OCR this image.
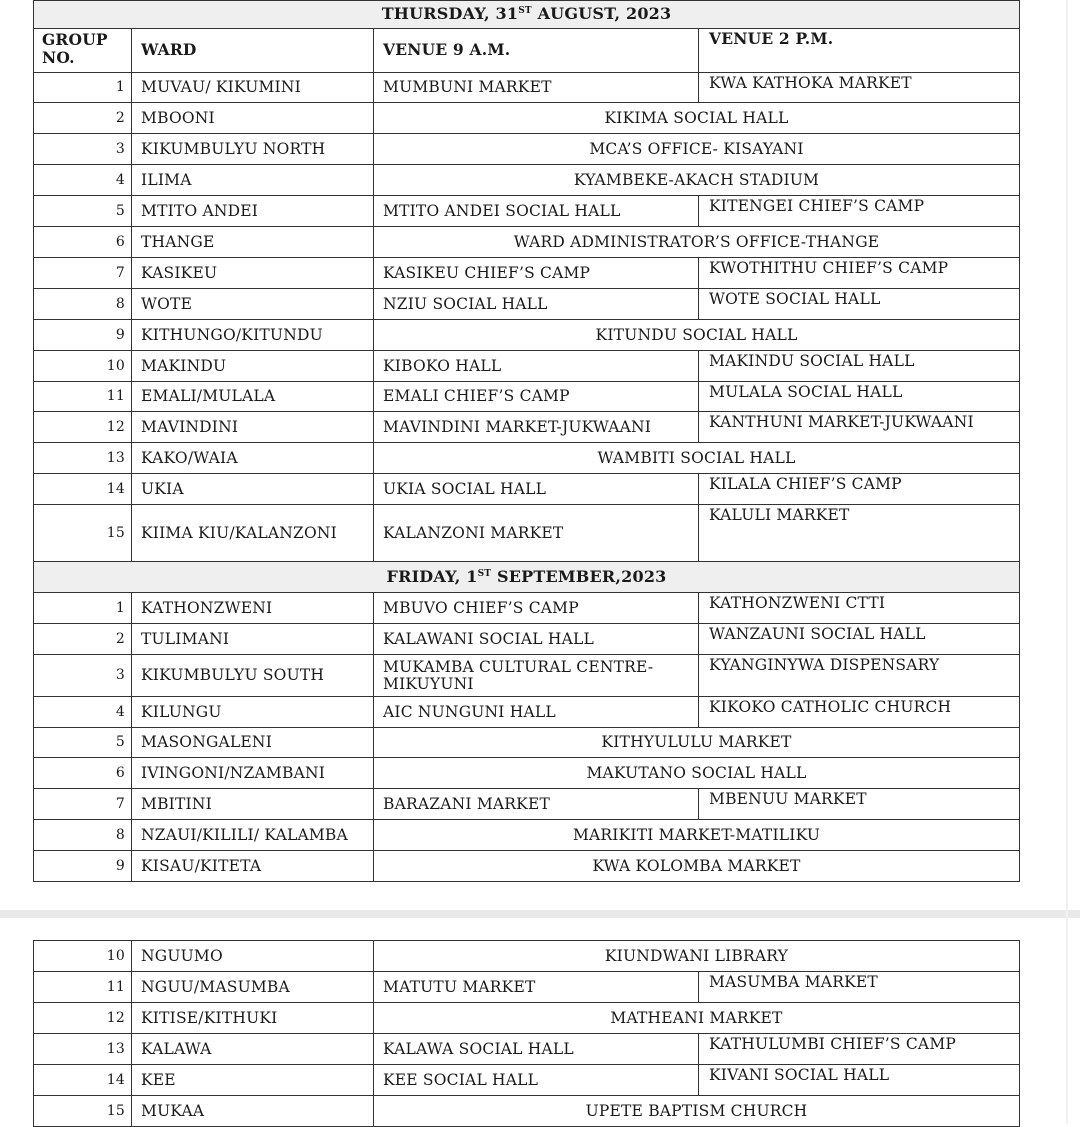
THURSDAY, 31ST AUGUST, 2023			
GROUP NO.	WARD	VENUE 9 A.M.	VENUE 2 P.M.
1	MUVAU/ KIKUMINI	MUMBUNI MARKET	KWA KATHOKA MARKET
2	MBOONI	KIKIMA SOCIAL HALL	
3	KIKUMBULYU NORTH	MCA’S OFFICE- KISAYANI	
4	ILIMA	KYAMBEKE-AKACH STADIUM	
5	MTITO ANDEI	MTITO ANDEI SOCIAL HALL	KITENGEI CHIEF’S CAMP
6	THANGE	WARD ADMINISTRATOR’S OFFICE-THANGE	
7	KASIKEU	KASIKEU CHIEF’S CAMP	KWOTHITHU CHIEF’S CAMP
8	WOTE	NZIU SOCIAL HALL	WOTE SOCIAL HALL
9	KITHUNGO/KITUNDU	KITUNDU SOCIAL HALL	
10	MAKINDU	KIBOKO HALL	MAKINDU SOCIAL HALL
11	EMALI/MULALA	EMALI CHIEF’S CAMP	MULALA SOCIAL HALL
12	MAVINDINI	MAVINDINI MARKET-JUKWAANI	KANTHUNI MARKET-JUKWAANI
13	KAKO/WAIA	WAMBITI SOCIAL HALL	
14	UKIA	UKIA SOCIAL HALL	KILALA CHIEF’S CAMP
15	KIIMA KIU/KALANZONI	KALANZONI MARKET	KALULI MARKET
FRIDAY, 1ST SEPTEMBER,2023			
1	KATHONZWENI	MBUVO CHIEF’S CAMP	KATHONZWENI CTTI
2	TULIMANI	KALAWANI SOCIAL HALL	WANZAUNI SOCIAL HALL
3	KIKUMBULYU SOUTH	MUKAMBA CULTURAL CENTRE-MIKUYUNI	KYANGINYWA DISPENSARY
4	KILUNGU	AIC NUNGUNI HALL	KIKOKO CATHOLIC CHURCH
5	MASONGALENI	KITHYULULU MARKET	
6	IVINGONI/NZAMBANI	MAKUTANO SOCIAL HALL	
7	MBITINI	BARAZANI MARKET	MBENUU MARKET
8	NZAUI/KILILI/ KALAMBA	MARIKITI MARKET-MATILIKU	
9	KISAU/KITETA	KWA KOLOMBA MARKET	
10	NGUUMO	KIUNDWANI LIBRARY	
11	NGUU/MASUMBA	MATUTU MARKET	MASUMBA MARKET
12	KITISE/KITHUKI	MATHEANI MARKET	
13	KALAWA	KALAWA SOCIAL HALL	KATHULUMBI CHIEF’S CAMP
14	KEE	KEE SOCIAL HALL	KIVANI SOCIAL HALL
15	MUKAA	UPETE BAPTISM CHURCH	
